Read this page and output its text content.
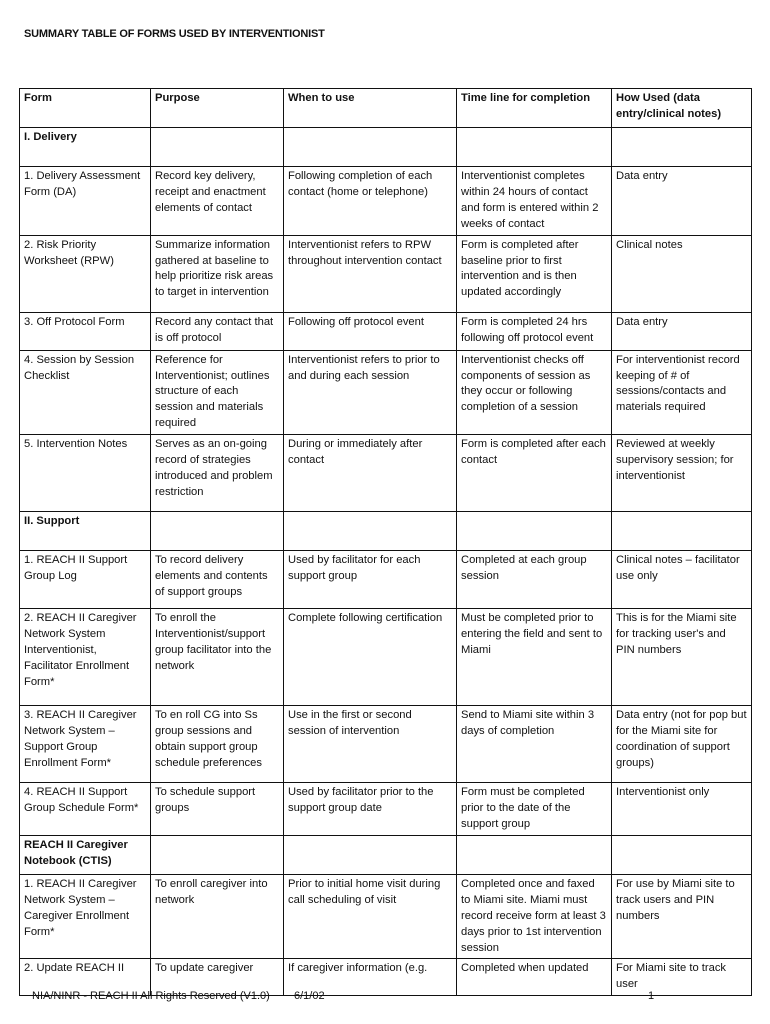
SUMMARY TABLE OF FORMS USED BY INTERVENTIONIST
Form	Purpose	When to use	Time line for completion	How Used (data entry/clinical notes)
I. Delivery				
1. Delivery Assessment Form (DA)	Record key delivery, receipt and enactment elements of contact	Following completion of each contact (home or telephone)	Interventionist completes within 24 hours of contact and form is entered within 2 weeks of contact	Data entry
2. Risk Priority Worksheet (RPW)	Summarize information gathered at baseline to help prioritize risk areas to target in intervention	Interventionist refers to RPW throughout intervention contact	Form is completed after baseline prior to first intervention and is then updated accordingly	Clinical notes
3. Off Protocol Form	Record any contact that is off protocol	Following off protocol event	Form is completed 24 hrs following off protocol event	Data entry
4. Session by Session Checklist	Reference for Interventionist; outlines structure of each session and materials required	Interventionist refers to prior to and during each session	Interventionist checks off components of session as they occur or following completion of a session	For interventionist record keeping of # of sessions/contacts and materials required
5. Intervention Notes	Serves as an on-going record of strategies introduced and problem restriction	During or immediately after contact	Form is completed after each contact	Reviewed at weekly supervisory session; for interventionist
II. Support				
1. REACH II Support Group Log	To record delivery elements and contents of support groups	Used by facilitator for each support group	Completed at each group session	Clinical notes – facilitator use only
2. REACH II Caregiver Network System Interventionist, Facilitator Enrollment Form*	To enroll the Interventionist/support group facilitator into the network	Complete following certification	Must be completed prior to entering the field and sent to Miami	This is for the Miami site for tracking user's and PIN numbers
3. REACH II Caregiver Network System – Support Group Enrollment Form*	To en roll CG into Ss group sessions and obtain support group schedule preferences	Use in the first or second session of intervention	Send to Miami site within 3 days of completion	Data entry (not for pop but for the Miami site for coordination of support groups)
4. REACH II Support Group Schedule Form*	To schedule support groups	Used by facilitator prior to the support group date	Form must be completed prior to the date of the support group	Interventionist only
REACH II Caregiver Notebook (CTIS)				
1. REACH II Caregiver Network System – Caregiver Enrollment Form*	To enroll caregiver into network	Prior to initial home visit during call scheduling of visit	Completed once and faxed to Miami site. Miami must record receive form at least 3 days prior to 1st intervention session	For use by Miami site to track users and PIN numbers
2. Update REACH II	To update caregiver	If caregiver information (e.g.	Completed when updated	For Miami site to track user
NIA/NINR - REACH II All Rights Reserved (V1.0) 6/1/02	1
